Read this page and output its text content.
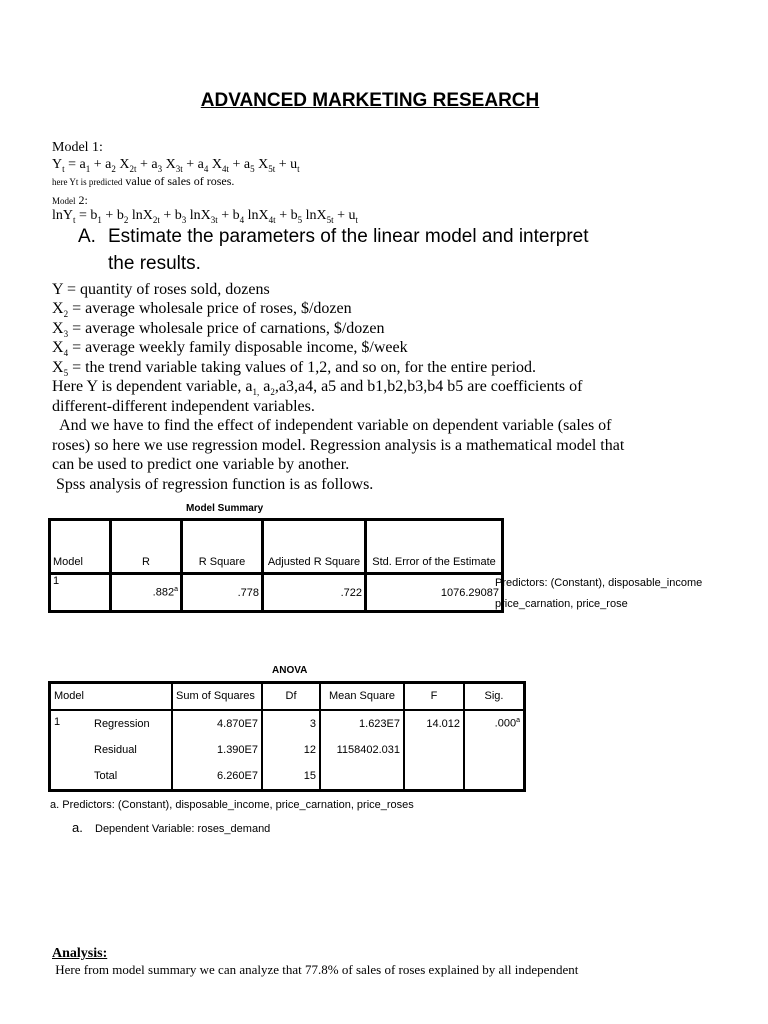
ADVANCED MARKETING RESEARCH
Model 1:
$Y_t = a_1 + a_2$ $X_{2t} + a_3$ $X_{3t} + a_4$ $X_{4t} + a_5$ $X_{5t} + u_t$
here Yt is predicted value of sales of roses.
Model 2:
$\ln Y_t = b_1 + b_2$ $\ln X_{2t} + b_3$ $\ln X_{3t} + b_4$ $\ln X_{4t} + b_5$ $\ln X_{5t} + u_t$
A. Estimate the parameters of the linear model and interpret
the results.
Y = quantity of roses sold, dozens
$X_2$ = average wholesale price of roses, $/dozen
$X_3$ = average wholesale price of carnations, $/dozen
$X_4$ = average weekly family disposable income, $/week
$X_5$ = the trend variable taking values of 1,2, and so on, for the entire period.
Here Y is dependent variable, $a_{1,}$ $a_2,a3,a4$, a5 and b1,b2,b3,b4 b5 are coefficients of
different-different independent variables.
And we have to find the effect of independent variable on dependent variable (sales of
roses) so here we use regression model. Regression analysis is a mathematical model that
can be used to predict one variable by another.
Spss analysis of regression function is as follows.
Model Summary
Model	R	R Square	Adjusted R Square	Std. Error of the Estimate
1	.882$^a$	.778	.722	1076.29087
Predictors: (Constant), disposable_income
price_carnation, price_rose
ANOVA
Model		Sum of Squares	Df	Mean Square	F	Sig.
1	Regression	4.870E7	3	1.623E7	14.012	.000$^a$
	Residual	1.390E7	12	1158402.031		
	Total	6.260E7	15			
a. Predictors: (Constant), disposable_income, price_carnation, price_roses
a. Dependent Variable: roses_demand
Analysis:
Here from model summary we can analyze that 77.8% of sales of roses explained by all independent
